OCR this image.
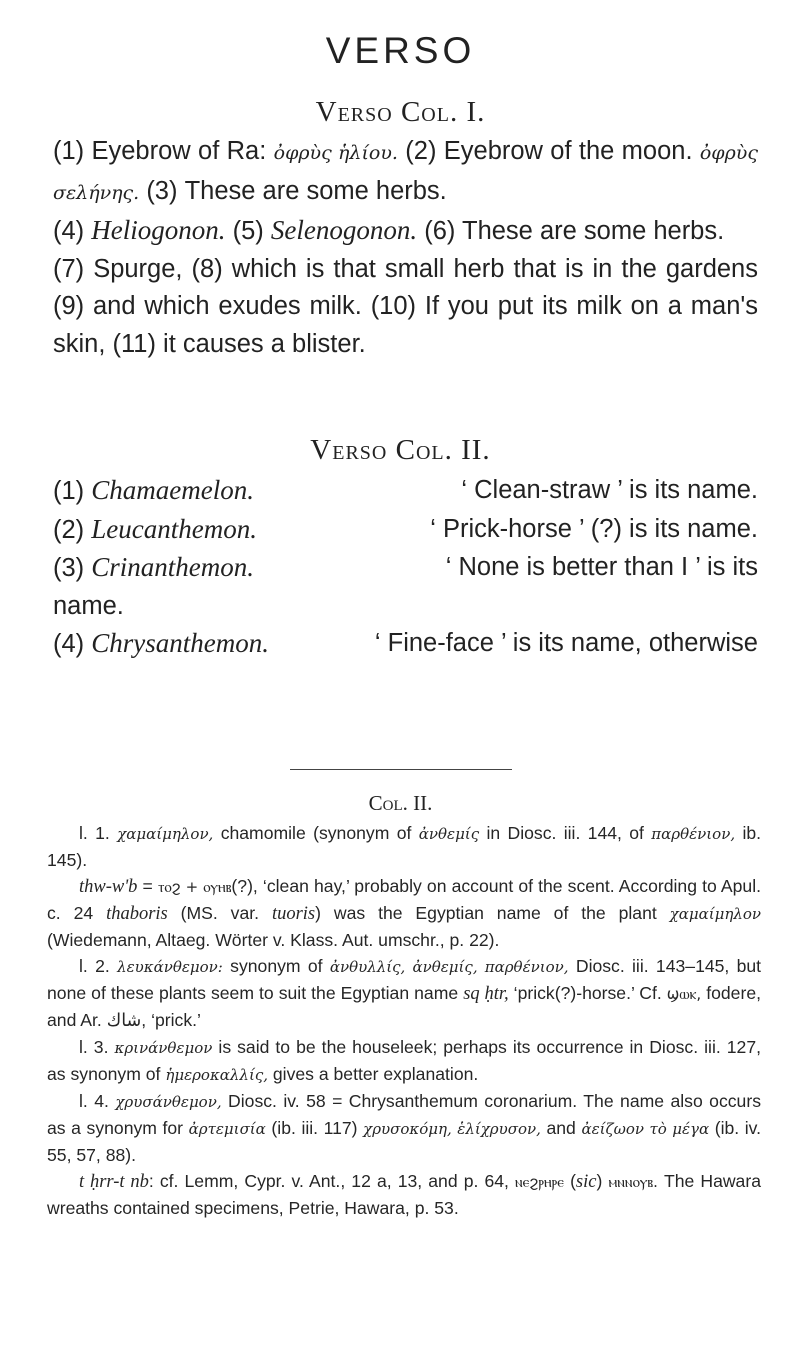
VERSO
Verso Col. I.

(1) Eyebrow of Ra: ὀφρὺς ἡλίου. (2) Eyebrow of the moon. ὀφρὺς σελήνης. (3) These are some herbs.

(4) Heliogonon. (5) Selenogonon. (6) These are some herbs.

(7) Spurge, (8) which is that small herb that is in the gardens (9) and which exudes milk. (10) If you put its milk on a man's skin, (11) it causes a blister.

Verso Col. II.
(1) Chamaemelon.	‘ Clean-straw ’ is its name.
(2) Leucanthemon.	‘ Prick-horse ’ (?) is its name.
(3) Crinanthemon.	‘ None is better than I ’ is its
name.
(4) Chrysanthemon.	‘ Fine-face ’ is its name, otherwise
Col. II.

l. 1. χαμαίμηλον, chamomile (synonym of ἀνθεμίς in Diosc. iii. 144, of παρθένιον, ib. 145).

thw-w'b = ⲧⲟϩ + ⲟⲩⲏⲃ(?), ‘clean hay,’ probably on account of the scent. According to Apul. c. 24 thaboris (MS. var. tuoris) was the Egyptian name of the plant χαμαίμηλον (Wiedemann, Altaeg. Wörter v. Klass. Aut. umschr., p. 22).

l. 2. λευκάνθεμον: synonym of ἀνθυλλίς, ἀνθεμίς, παρθένιον, Diosc. iii. 143–145, but none of these plants seem to suit the Egyptian name sq ḥtr, ‘prick(?)-horse.’ Cf. ϣⲱⲕ, fodere, and Ar. شاك, ‘prick.’

l. 3. κρινάνθεμον is said to be the houseleek; perhaps its occurrence in Diosc. iii. 127, as synonym of ἡμεροκαλλίς, gives a better explanation.

l. 4. χρυσάνθεμον, Diosc. iv. 58 = Chrysanthemum coronarium. The name also occurs as a synonym for ἀρτεμισία (ib. iii. 117) χρυσοκόμη, ἑλίχρυσον, and ἀείζωον τὸ μέγα (ib. iv. 55, 57, 88).

t ḥrr-t nb: cf. Lemm, Cypr. v. Ant., 12 a, 13, and p. 64, ⲛⲉϩⲣⲏⲣⲉ (sic) ⲙⲛⲛⲟⲩⲃ. The Hawara wreaths contained specimens, Petrie, Hawara, p. 53.
